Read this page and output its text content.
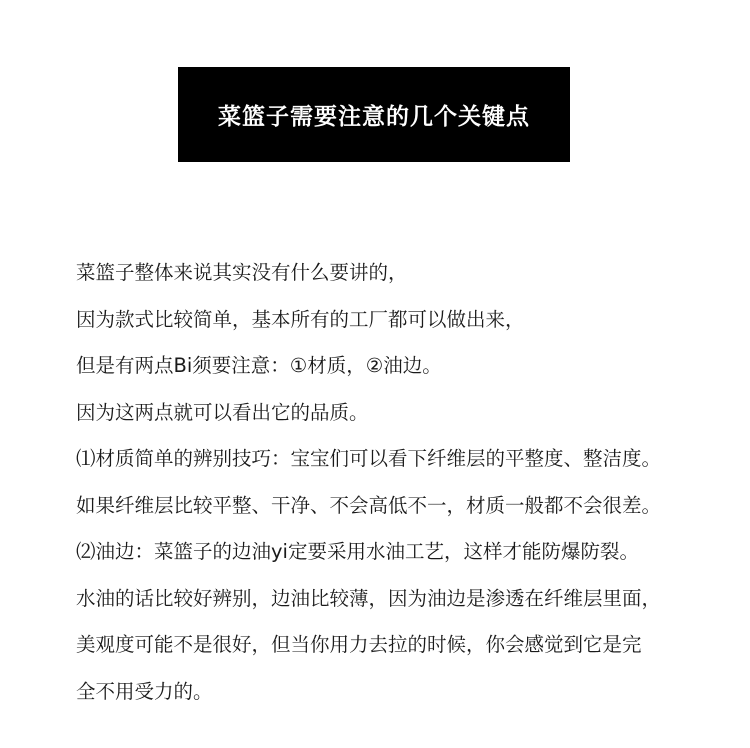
菜篮子需要注意的几个关键点
菜篮子整体来说其实没有什么要讲的，
因为款式比较简单，基本所有的工厂都可以做出来，
但是有两点Bi须要注意：①材质，②油边。
因为这两点就可以看出它的品质。
⑴材质简单的辨别技巧：宝宝们可以看下纤维层的平整度、整洁度。
如果纤维层比较平整、干净、不会高低不一，材质一般都不会很差。
⑵油边：菜篮子的边油yi定要采用水油工艺，这样才能防爆防裂。
水油的话比较好辨别，边油比较薄，因为油边是渗透在纤维层里面，
美观度可能不是很好，但当你用力去拉的时候，你会感觉到它是完
全不用受力的。
